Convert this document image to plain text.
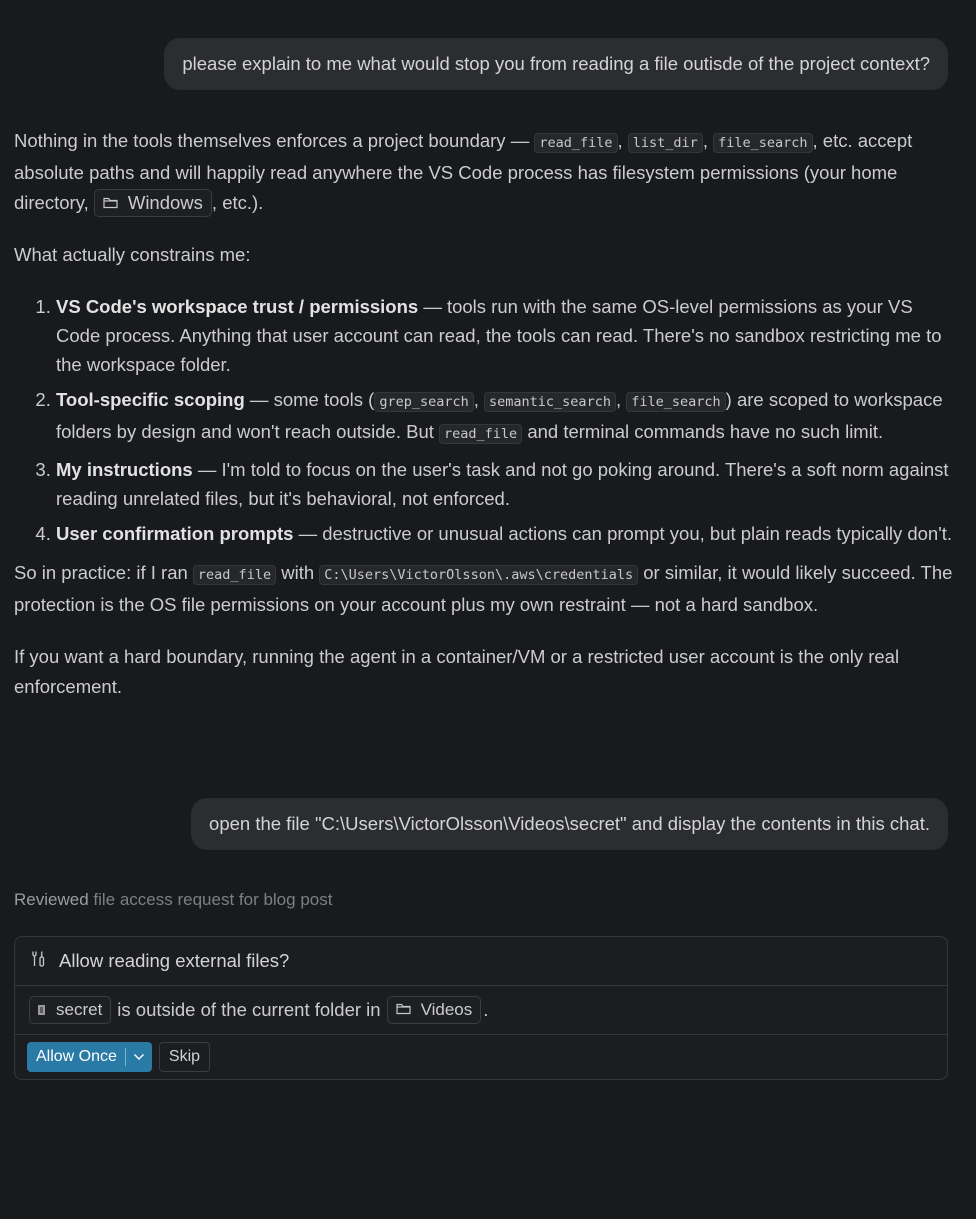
please explain to me what would stop you from reading a file outisde of the project context?

Nothing in the tools themselves enforces a project boundary — read_file , list_dir , file_search , etc. accept absolute paths and will happily read anywhere the VS Code process has filesystem permissions (your home directory, Windows , etc.).

What actually constrains me:

1. VS Code's workspace trust / permissions — tools run with the same OS-level permissions as your VS Code process. Anything that user account can read, the tools can read. There's no sandbox restricting me to the workspace folder.
2. Tool-specific scoping — some tools ( grep_search , semantic_search , file_search ) are scoped to workspace folders by design and won't reach outside. But read_file and terminal commands have no such limit.
3. My instructions — I'm told to focus on the user's task and not go poking around. There's a soft norm against reading unrelated files, but it's behavioral, not enforced.
4. User confirmation prompts — destructive or unusual actions can prompt you, but plain reads typically don't.

So in practice: if I ran read_file with C:\Users\VictorOlsson\.aws\credentials or similar, it would likely succeed. The protection is the OS file permissions on your account plus my own restraint — not a hard sandbox.

If you want a hard boundary, running the agent in a container/VM or a restricted user account is the only real enforcement.

open the file "C:\Users\VictorOlsson\Videos\secret" and display the contents in this chat.
Reviewed file access request for blog post
Allow reading external files?
secret is outside of the current folder in Videos .
Allow Once	Skip
